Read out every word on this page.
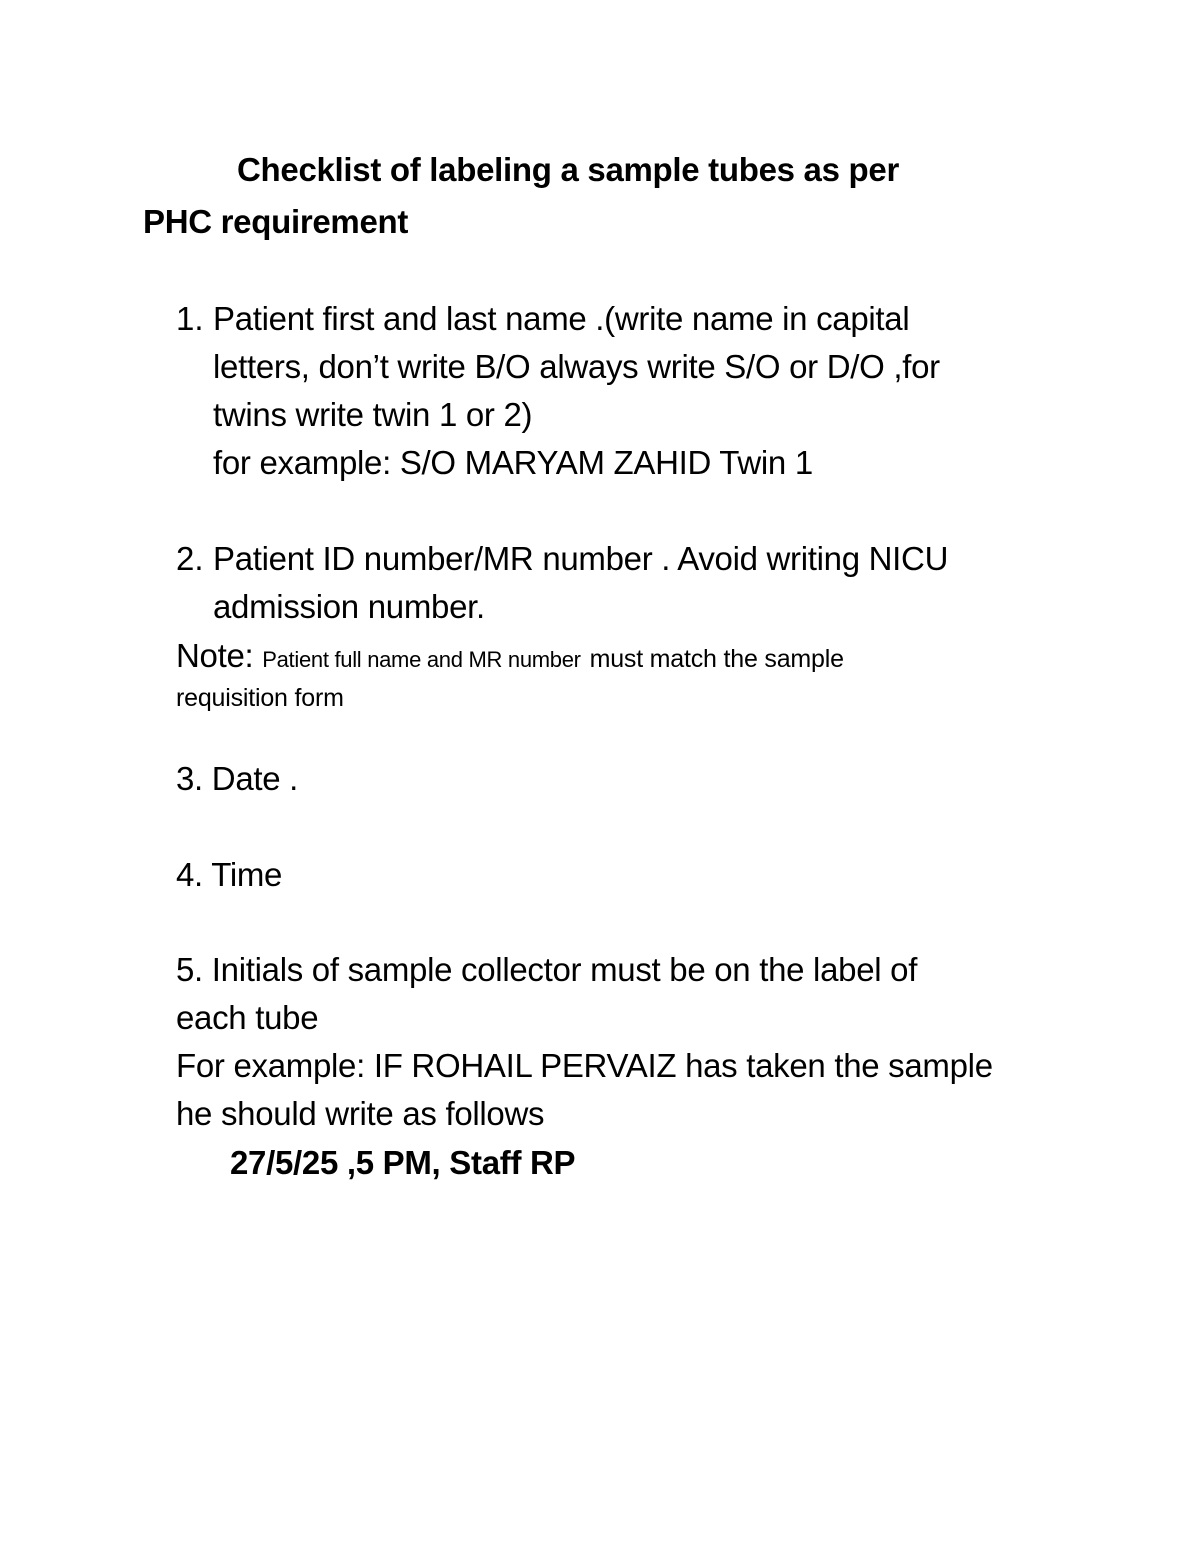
Checklist of labeling a sample tubes as per
PHC requirement
1. Patient first and last name .(write name in capital
letters, don’t write B/O always write S/O or D/O ,for
twins write twin 1 or 2)
for example: S/O MARYAM ZAHID Twin 1
2. Patient ID number/MR number . Avoid writing NICU
admission number.
Note: Patient full name and MR number must match the sample
requisition form
3. Date .
4. Time
5. Initials of sample collector must be on the label of
each tube
For example: IF ROHAIL PERVAIZ has taken the sample
he should write as follows
27/5/25 ,5 PM, Staff RP
